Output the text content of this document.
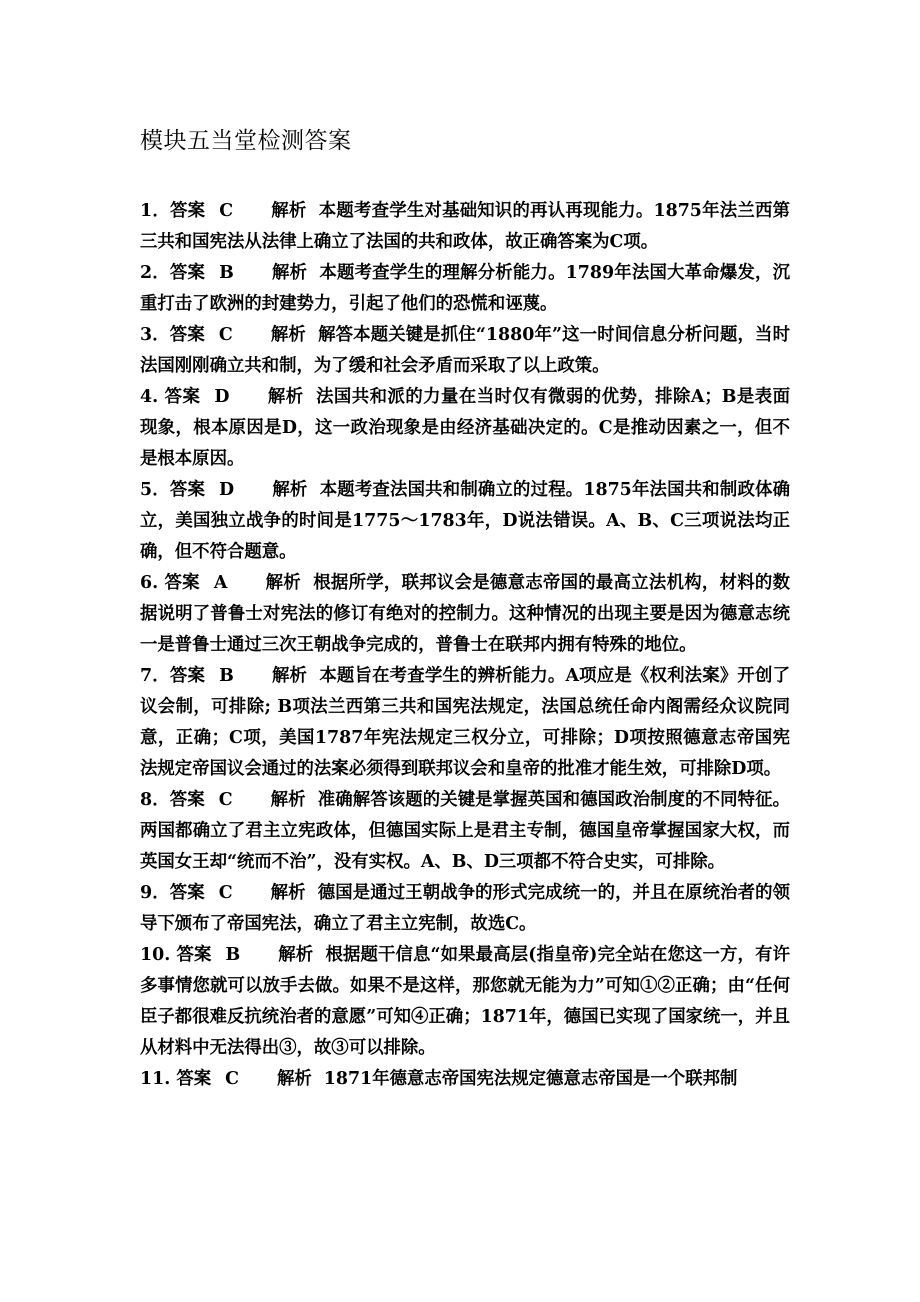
模块五当堂检测答案

1．答案 C 解析 本题考查学生对基础知识的再认再现能力。1875年法兰西第三共和国宪法从法律上确立了法国的共和政体，故正确答案为C项。

2．答案 B 解析 本题考查学生的理解分析能力。1789年法国大革命爆发，沉重打击了欧洲的封建势力，引起了他们的恐慌和诬蔑。

3．答案 C 解析 解答本题关键是抓住“1880年”这一时间信息分析问题，当时法国刚刚确立共和制，为了缓和社会矛盾而采取了以上政策。

4. 答案 D 解析 法国共和派的力量在当时仅有微弱的优势，排除A；B是表面现象，根本原因是D，这一政治现象是由经济基础决定的。C是推动因素之一，但不是根本原因。

5．答案 D 解析 本题考查法国共和制确立的过程。1875年法国共和制政体确立，美国独立战争的时间是1775～1783年，D说法错误。A、B、C三项说法均正确，但不符合题意。

6. 答案 A 解析 根据所学，联邦议会是德意志帝国的最高立法机构，材料的数据说明了普鲁士对宪法的修订有绝对的控制力。这种情况的出现主要是因为德意志统一是普鲁士通过三次王朝战争完成的，普鲁士在联邦内拥有特殊的地位。

7．答案 B 解析 本题旨在考查学生的辨析能力。A项应是《权利法案》开创了议会制，可排除; B项法兰西第三共和国宪法规定，法国总统任命内阁需经众议院同意，正确；C项，美国1787年宪法规定三权分立，可排除；D项按照德意志帝国宪法规定帝国议会通过的法案必须得到联邦议会和皇帝的批准才能生效，可排除D项。

8．答案 C 解析 准确解答该题的关键是掌握英国和德国政治制度的不同特征。两国都确立了君主立宪政体，但德国实际上是君主专制，德国皇帝掌握国家大权，而英国女王却“统而不治”，没有实权。A、B、D三项都不符合史实，可排除。

9．答案 C 解析 德国是通过王朝战争的形式完成统一的，并且在原统治者的领导下颁布了帝国宪法，确立了君主立宪制，故选C。

10. 答案 B 解析 根据题干信息“如果最高层(指皇帝)完全站在您这一方，有许多事情您就可以放手去做。如果不是这样，那您就无能为力”可知①②正确；由“任何臣子都很难反抗统治者的意愿”可知④正确；1871年，德国已实现了国家统一，并且从材料中无法得出③，故③可以排除。

11. 答案 C 解析 1871年德意志帝国宪法规定德意志帝国是一个联邦制
